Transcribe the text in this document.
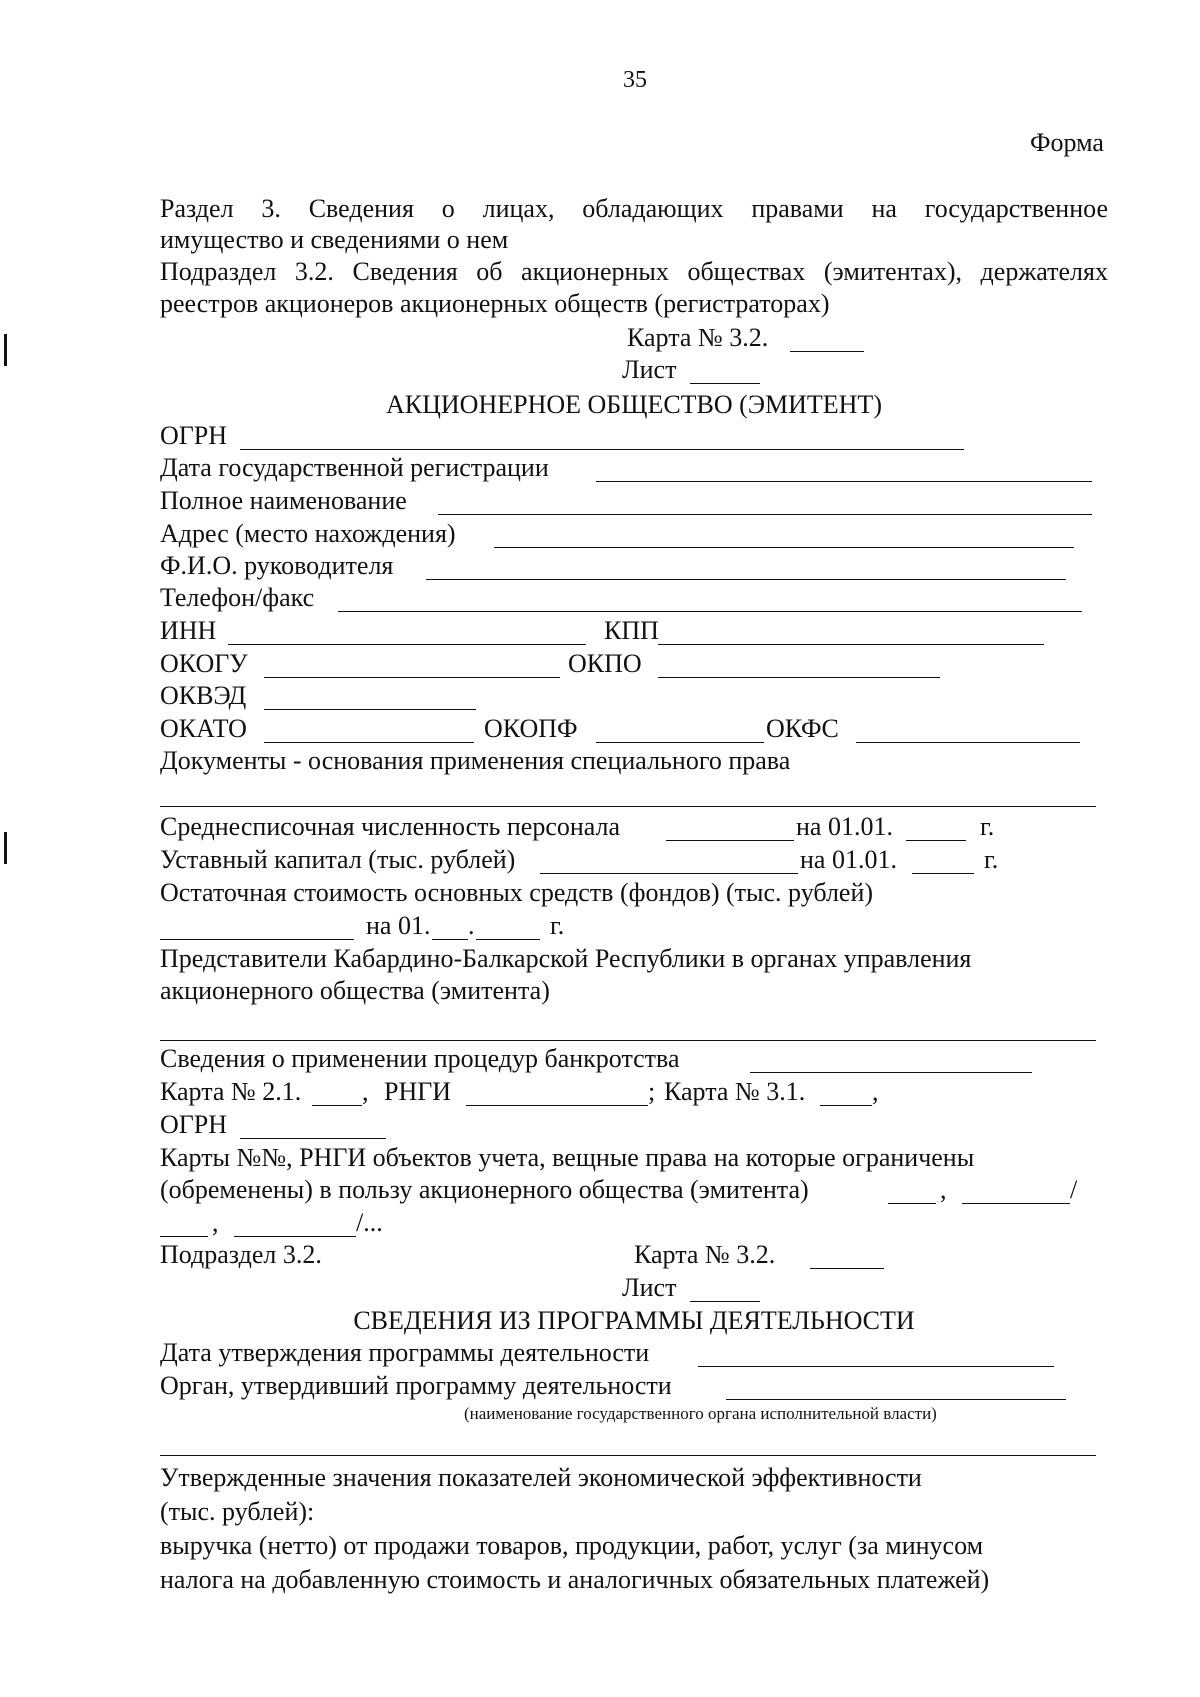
35
Форма
Раздел 3. Сведения о лицах, обладающих правами на государственное
имущество и сведениями о нем
Подраздел 3.2. Сведения об акционерных обществах (эмитентах), держателях
реестров акционеров акционерных обществ (регистраторах)
Карта № 3.2.
Лист
АКЦИОНЕРНОЕ ОБЩЕСТВО (ЭМИТЕНТ)
ОГРН
Дата государственной регистрации
Полное наименование
Адрес (место нахождения)
Ф.И.О. руководителя
Телефон/факс
ИНН	КПП
ОКОГУ	ОКПО
ОКВЭД
ОКАТО	ОКОПФ	ОКФС
Документы - основания применения специального права
Среднесписочная численность персонала	на 01.01.	г.
Уставный капитал (тыс. рублей)	на 01.01.	г.
Остаточная стоимость основных средств (фондов) (тыс. рублей)
на 01. .	г.
Представители Кабардино-Балкарской Республики в органах управления
акционерного общества (эмитента)
Сведения о применении процедур банкротства
Карта № 2.1. , РНГИ	; Карта № 3.1.	,
ОГРН
Карты №№, РНГИ объектов учета, вещные права на которые ограничены
(обременены) в пользу акционерного общества (эмитента)	,	/
,	/...
Подраздел 3.2.	Карта № 3.2.
Лист
СВЕДЕНИЯ ИЗ ПРОГРАММЫ ДЕЯТЕЛЬНОСТИ
Дата утверждения программы деятельности
Орган, утвердивший программу деятельности
(наименование государственного органа исполнительной власти)
Утвержденные значения показателей экономической эффективности
(тыс. рублей):
выручка (нетто) от продажи товаров, продукции, работ, услуг (за минусом
налога на добавленную стоимость и аналогичных обязательных платежей)
